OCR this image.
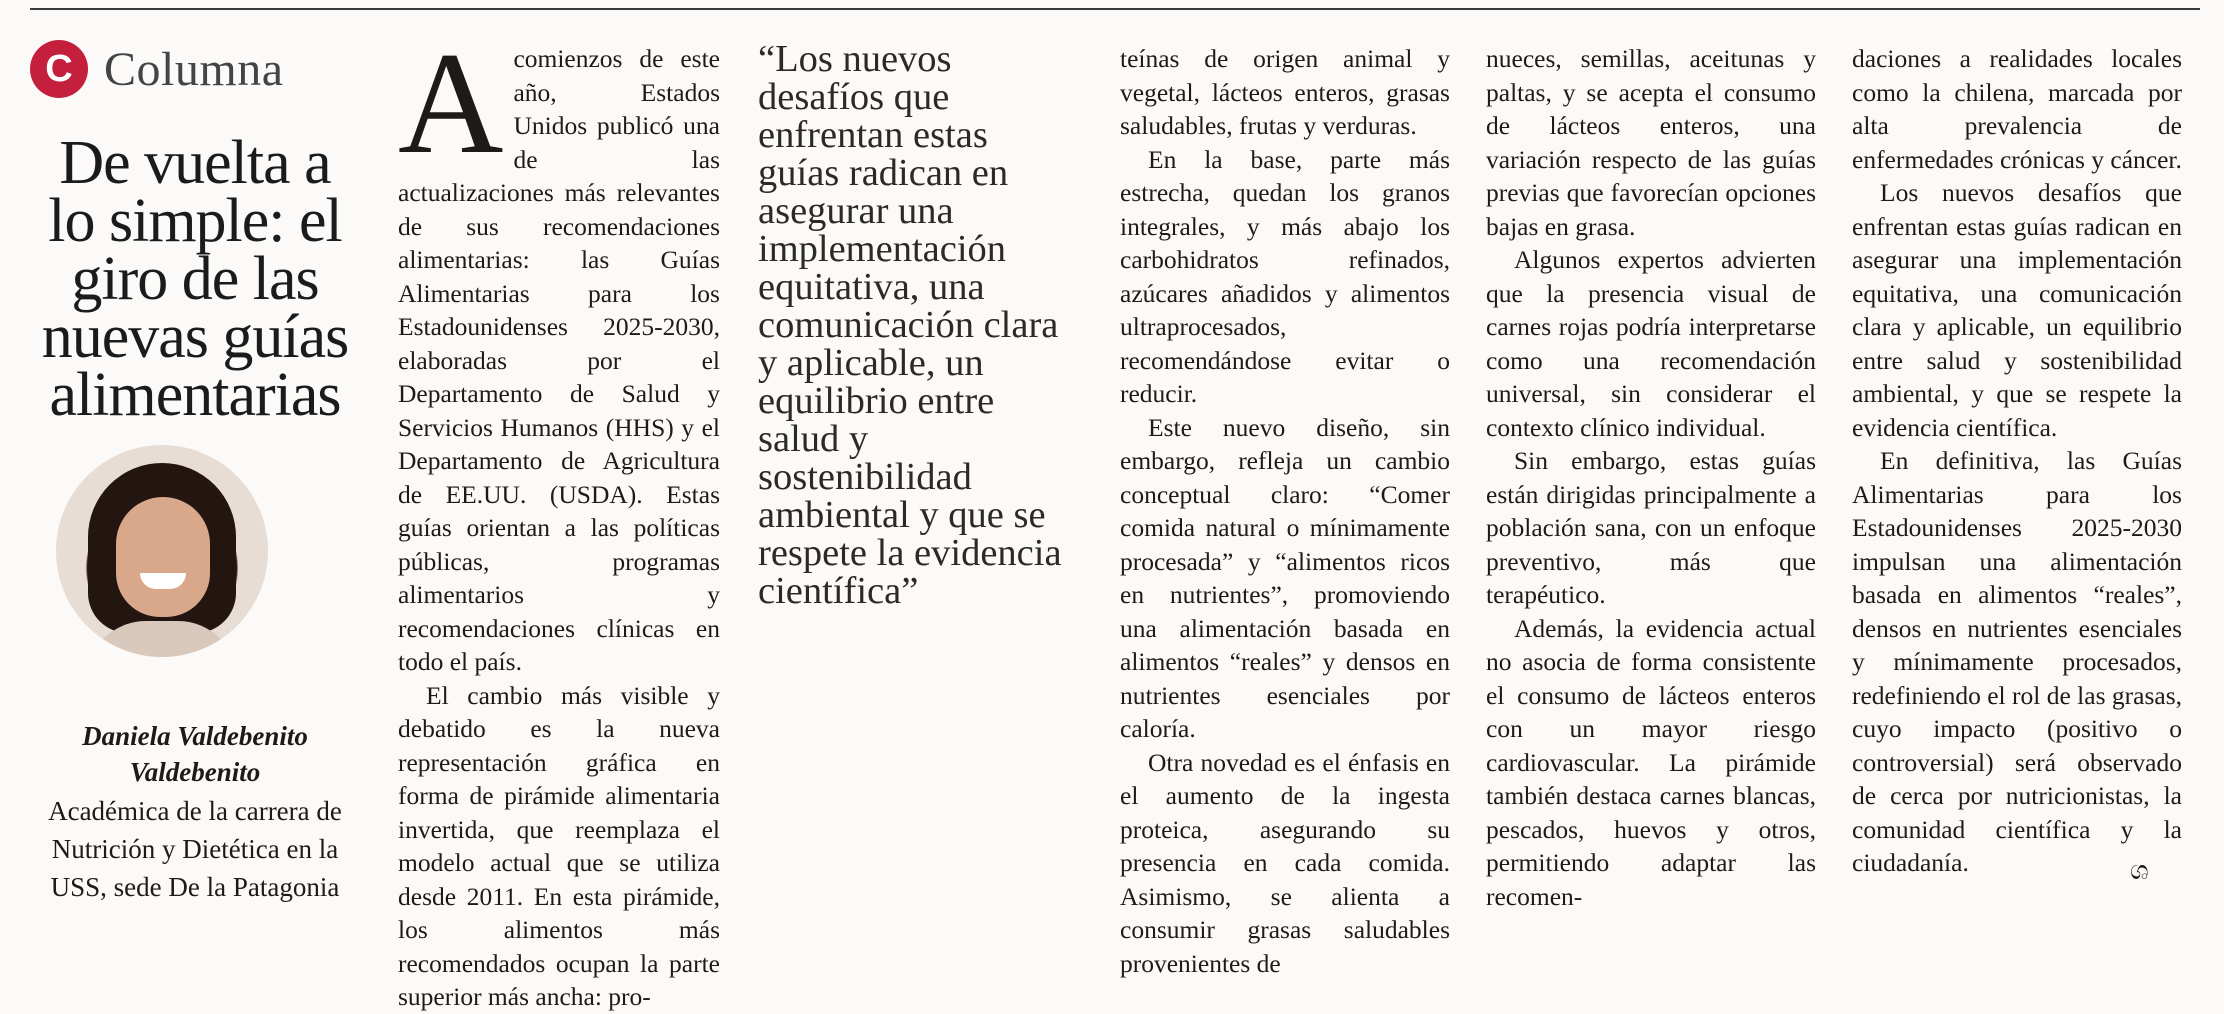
C Columna
De vuelta a
lo simple: el
giro de las
nuevas guías
alimentarias
Daniela Valdebenito
Valdebenito
Académica de la carrera de
Nutrición y Dietética en la
USS, sede De la Patagonia

Acomienzos de este año, Estados Unidos publicó una de las actualizaciones más relevantes de sus recomendaciones alimentarias: las Guías Alimentarias para los Estadounidenses 2025-2030, elaboradas por el Departamento de Salud y Servicios Humanos (HHS) y el Departamento de Agricultura de EE.UU. (USDA). Estas guías orientan a las políticas públicas, programas alimentarios y recomendaciones clínicas en todo el país.

El cambio más visible y debatido es la nueva representación gráfica en forma de pirámide alimentaria invertida, que reemplaza el modelo actual que se utiliza desde 2011. En esta pirámide, los alimentos más recomendados ocupan la parte superior más ancha: pro-

“Los nuevos desafíos que enfrentan estas guías radican en asegurar una implementación equitativa, una comunicación clara y aplicable, un equilibrio entre salud y sostenibilidad ambiental y que se respete la evidencia científica”

teínas de origen animal y vegetal, lácteos enteros, grasas saludables, frutas y verduras.

En la base, parte más estrecha, quedan los granos integrales, y más abajo los carbohidratos refinados, azúcares añadidos y alimentos ultraprocesados, recomendándose evitar o reducir.

Este nuevo diseño, sin embargo, refleja un cambio conceptual claro: “Comer comida natural o mínimamente procesada” y “alimentos ricos en nutrientes”, promoviendo una alimentación basada en alimentos “reales” y densos en nutrientes esenciales por caloría.

Otra novedad es el énfasis en el aumento de la ingesta proteica, asegurando su presencia en cada comida. Asimismo, se alienta a consumir grasas saludables provenientes de

nueces, semillas, aceitunas y paltas, y se acepta el consumo de lácteos enteros, una variación respecto de las guías previas que favorecían opciones bajas en grasa.

Algunos expertos advierten que la presencia visual de carnes rojas podría interpretarse como una recomendación universal, sin considerar el contexto clínico individual.

Sin embargo, estas guías están dirigidas principalmente a población sana, con un enfoque preventivo, más que terapéutico.

Además, la evidencia actual no asocia de forma consistente el consumo de lácteos enteros con un mayor riesgo cardiovascular. La pirámide también destaca carnes blancas, pescados, huevos y otros, permitiendo adaptar las recomen-

daciones a realidades locales como la chilena, marcada por alta prevalencia de enfermedades crónicas y cáncer.

Los nuevos desafíos que enfrentan estas guías radican en asegurar una implementación equitativa, una comunicación clara y aplicable, un equilibrio entre salud y sostenibilidad ambiental, y que se respete la evidencia científica.

En definitiva, las Guías Alimentarias para los Estadounidenses 2025-2030 impulsan una alimentación basada en alimentos “reales”, densos en nutrientes esenciales y mínimamente procesados, redefiniendo el rol de las grasas, cuyo impacto (positivo o controversial) será observado de cerca por nutricionistas, la comunidad científica y la ciudadanía.	ශ
